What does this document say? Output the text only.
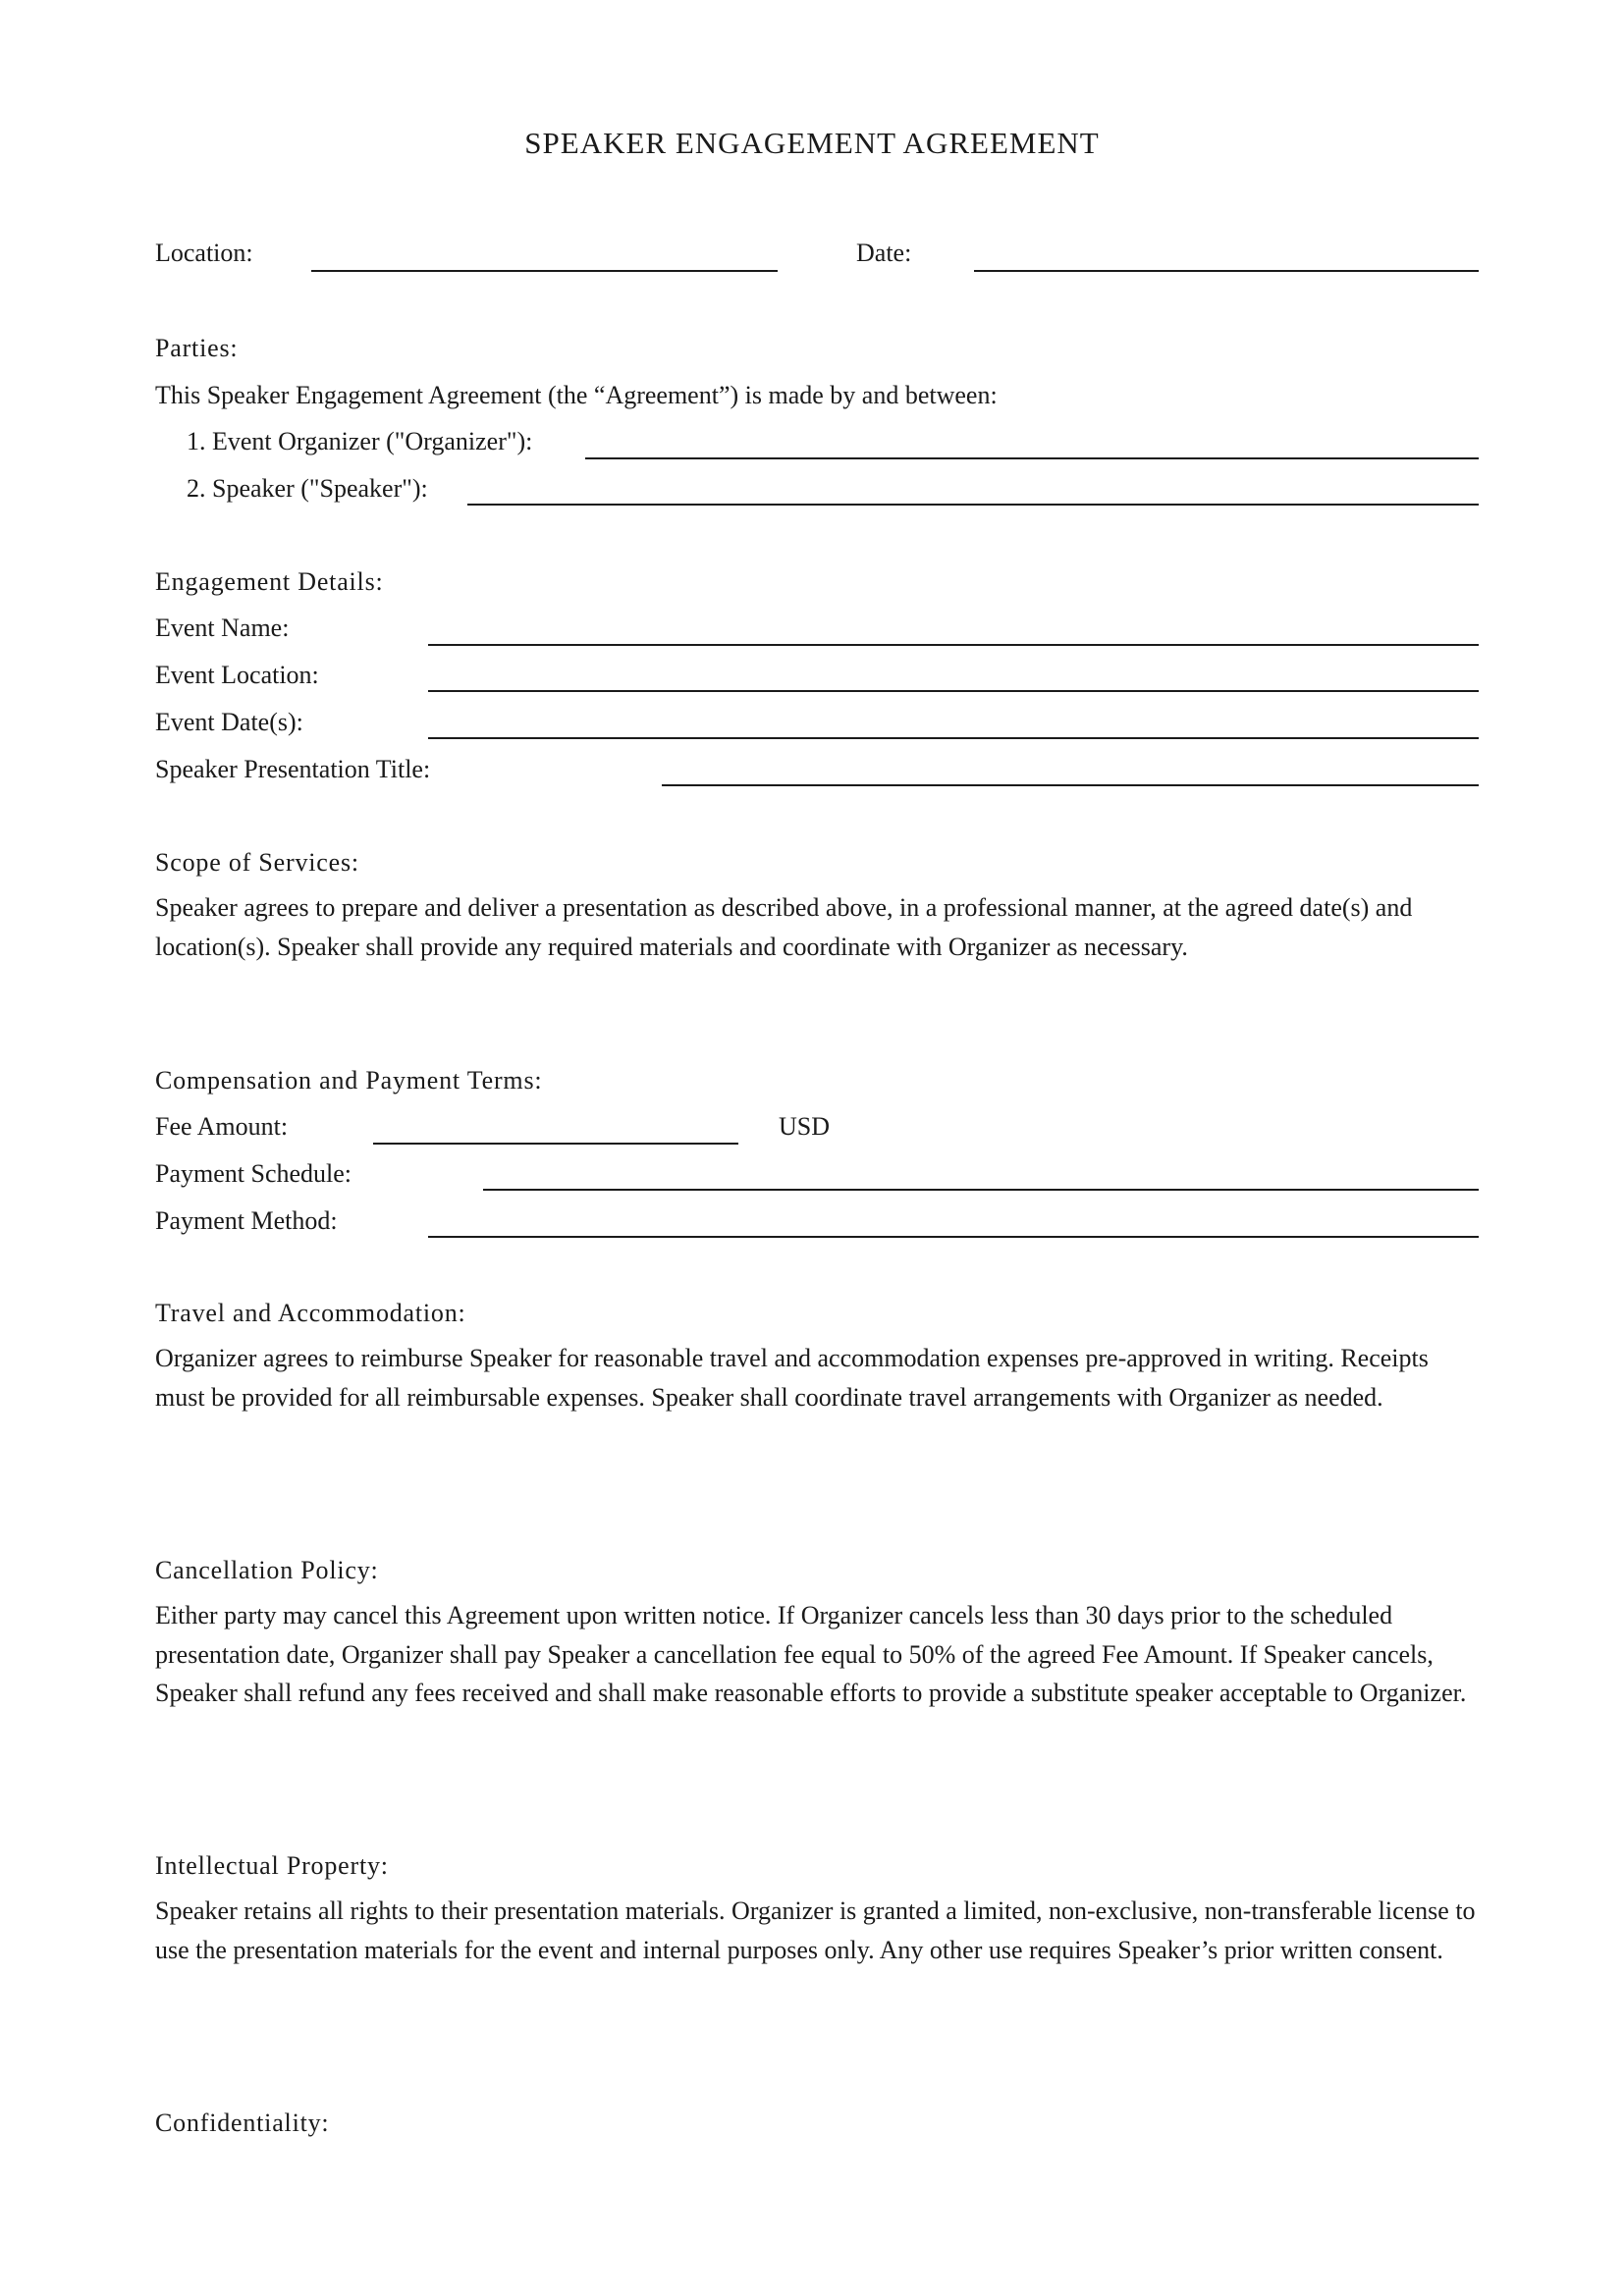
SPEAKER ENGAGEMENT AGREEMENT
Location:	Date:
Parties:
This Speaker Engagement Agreement (the “Agreement”) is made by and between:
1. Event Organizer ("Organizer"):
2. Speaker ("Speaker"):
Engagement Details:
Event Name:
Event Location:
Event Date(s):
Speaker Presentation Title:
Scope of Services:
Speaker agrees to prepare and deliver a presentation as described above, in a professional manner, at the agreed date(s) and location(s). Speaker shall provide any required materials and coordinate with Organizer as necessary.
Compensation and Payment Terms:
Fee Amount:	USD
Payment Schedule:
Payment Method:
Travel and Accommodation:
Organizer agrees to reimburse Speaker for reasonable travel and accommodation expenses pre-approved in writing. Receipts must be provided for all reimbursable expenses. Speaker shall coordinate travel arrangements with Organizer as needed.
Cancellation Policy:
Either party may cancel this Agreement upon written notice. If Organizer cancels less than 30 days prior to the scheduled presentation date, Organizer shall pay Speaker a cancellation fee equal to 50% of the agreed Fee Amount. If Speaker cancels, Speaker shall refund any fees received and shall make reasonable efforts to provide a substitute speaker acceptable to Organizer.
Intellectual Property:
Speaker retains all rights to their presentation materials. Organizer is granted a limited, non-exclusive, non-transferable license to use the presentation materials for the event and internal purposes only. Any other use requires Speaker’s prior written consent.
Confidentiality:
